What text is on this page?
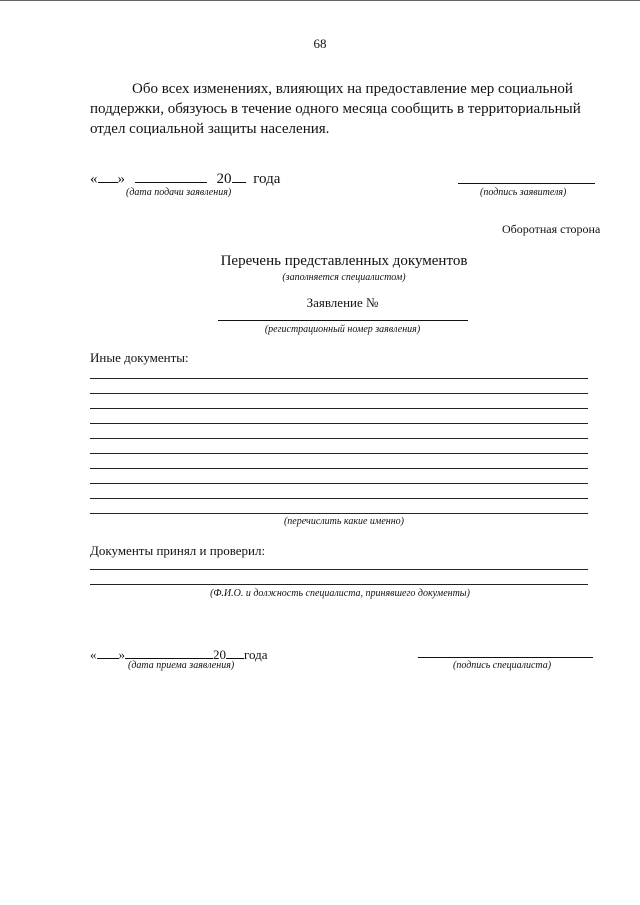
68
Обо всех изменениях, влияющих на предоставление мер социальной
поддержки, обязуюсь в течение одного месяца сообщить в территориальный
отдел социальной защиты населения.
« »	20 года
(дата подачи заявления)	(подпись заявителя)
Оборотная сторона
Перечень представленных документов
(заполняется специалистом)
Заявление №
(регистрационный номер заявления)
Иные документы:
(перечислить какие именно)
Документы принял и проверил:
(Ф.И.О. и должность специалиста, принявшего документы)
« »	20 года
(дата приема заявления)	(подпись специалиста)
